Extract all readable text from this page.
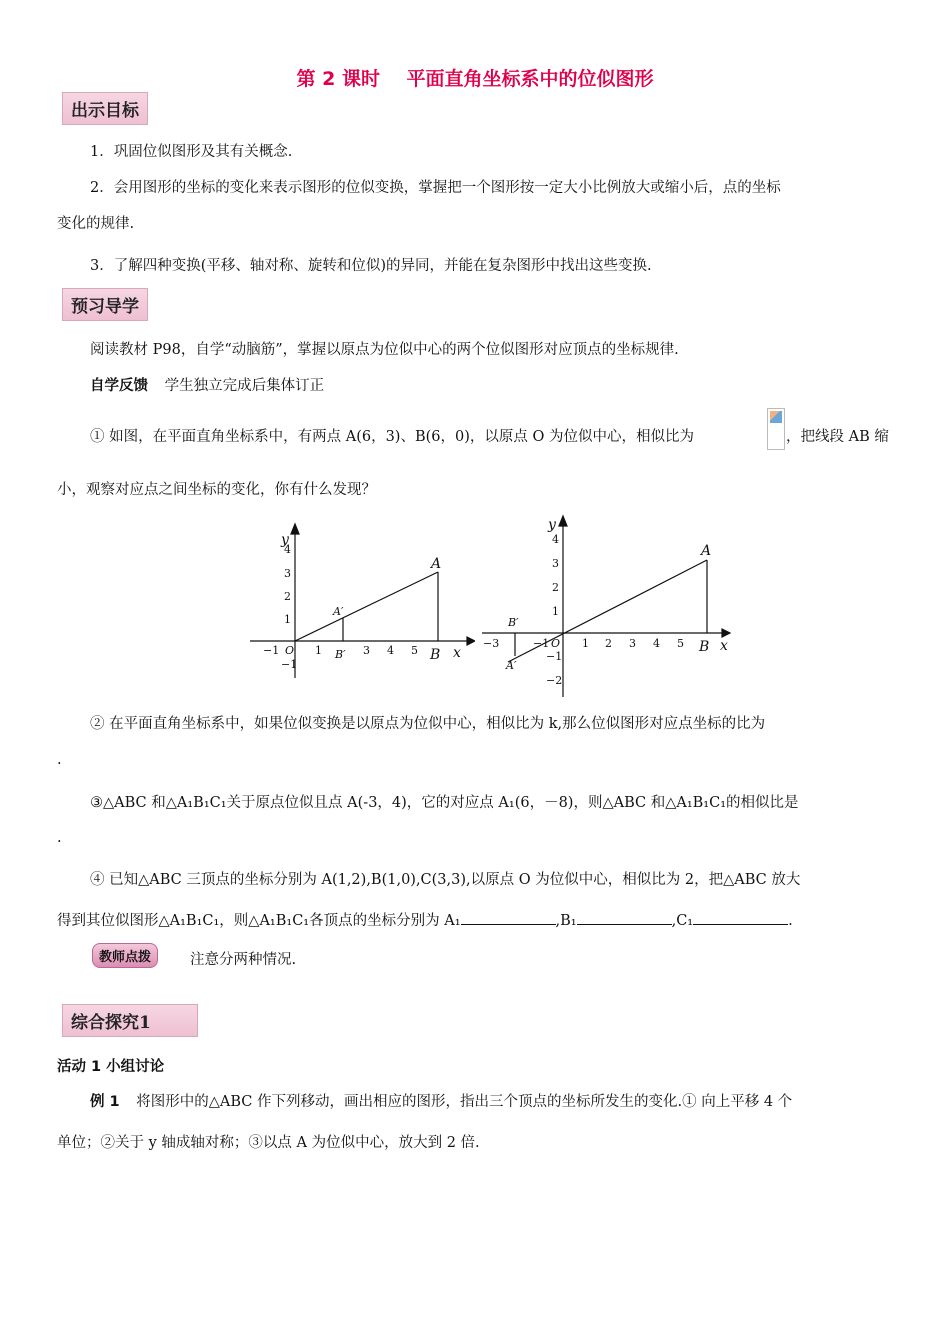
第 2 课时    平面直角坐标系中的位似图形
出示目标
1．巩固位似图形及其有关概念.
2．会用图形的坐标的变化来表示图形的位似变换，掌握把一个图形按一定大小比例放大或缩小后，点的坐标
变化的规律.
3．了解四种变换(平移、轴对称、旋转和位似)的异同，并能在复杂图形中找出这些变换.
预习导学
阅读教材 P98，自学“动脑筋”，掌握以原点为位似中心的两个位似图形对应顶点的坐标规律.
自学反馈 学生独立完成后集体订正
① 如图，在平面直角坐标系中，有两点 A(6，3)、B(6，0)，以原点 O 为位似中心，相似比为	，把线段 AB 缩
小，观察对应点之间坐标的变化，你有什么发现？
y
x
O
−1	1	3 4 5
4
3
2
1
−1
A
B
A′
B′
y
x
O
−3	−1	1 2 3 4 5
4
3
2
1
−1
−2
A
B
A′
B′
② 在平面直角坐标系中，如果位似变换是以原点为位似中心，相似比为 k,那么位似图形对应点坐标的比为
.
③△ABC 和△A₁B₁C₁关于原点位似且点 A(-3，4)，它的对应点 A₁(6，－8)，则△ABC 和△A₁B₁C₁的相似比是
.
④ 已知△ABC 三顶点的坐标分别为 A(1,2),B(1,0),C(3,3),以原点 O 为位似中心，相似比为 2，把△ABC 放大
得到其位似图形△A₁B₁C₁，则△A₁B₁C₁各顶点的坐标分别为 A₁	,B₁	,C₁	.
教师点拨	注意分两种情况.
综合探究1
活动 1 小组讨论
例 1 将图形中的△ABC 作下列移动，画出相应的图形，指出三个顶点的坐标所发生的变化.① 向上平移 4 个
单位；②关于 y 轴成轴对称；③以点 A 为位似中心，放大到 2 倍.
